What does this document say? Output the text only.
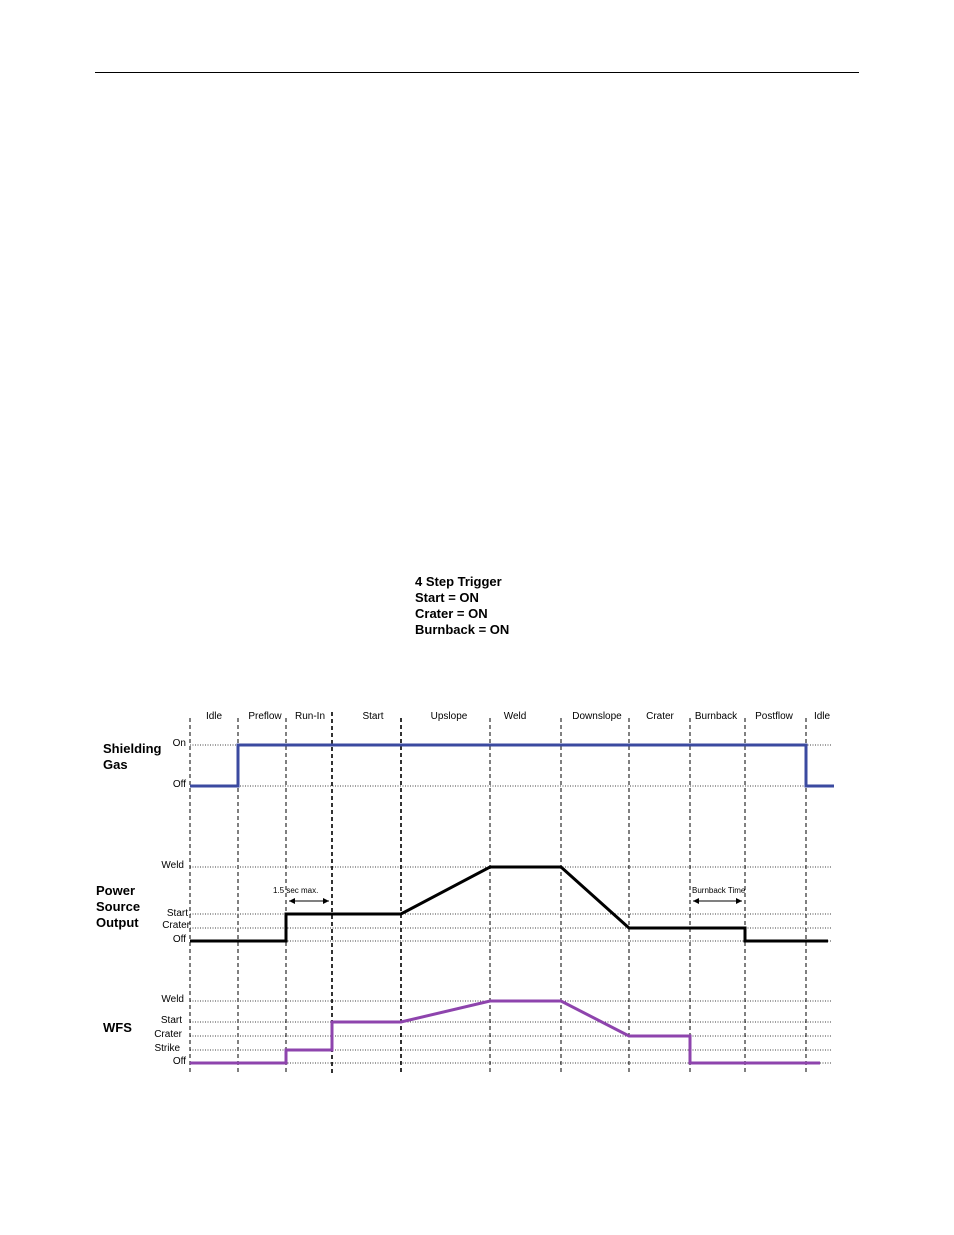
4 Step Trigger
Start = ON
Crater = ON
Burnback = ON
Idle	Preflow Run-In	Start	Upslope	Weld	Downslope Crater Burnback Postflow Idle
Shielding
Gas
Power
Source
Output
WFS
On
Off
Weld
Start
Crater
Off
Weld
Start
Crater
Strike
Off
1.5 sec max.	Burnback Time
